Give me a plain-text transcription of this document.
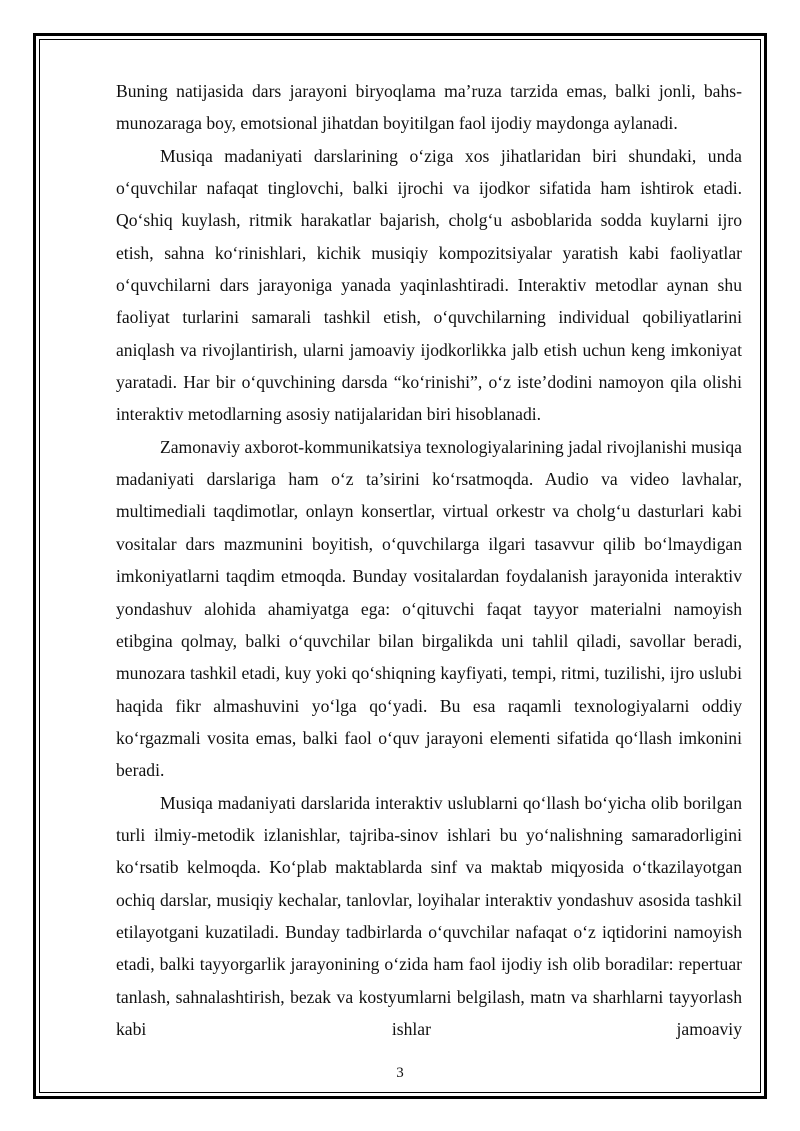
Buning natijasida dars jarayoni biryoqlama ma’ruza tarzida emas, balki jonli, bahs-munozaraga boy, emotsional jihatdan boyitilgan faol ijodiy maydonga aylanadi.

Musiqa madaniyati darslarining o‘ziga xos jihatlaridan biri shundaki, unda o‘quvchilar nafaqat tinglovchi, balki ijrochi va ijodkor sifatida ham ishtirok etadi. Qo‘shiq kuylash, ritmik harakatlar bajarish, cholg‘u asboblarida sodda kuylarni ijro etish, sahna ko‘rinishlari, kichik musiqiy kompozitsiyalar yaratish kabi faoliyatlar o‘quvchilarni dars jarayoniga yanada yaqinlashtiradi. Interaktiv metodlar aynan shu faoliyat turlarini samarali tashkil etish, o‘quvchilarning individual qobiliyatlarini aniqlash va rivojlantirish, ularni jamoaviy ijodkorlikka jalb etish uchun keng imkoniyat yaratadi. Har bir o‘quvchining darsda “ko‘rinishi”, o‘z iste’dodini namoyon qila olishi interaktiv metodlarning asosiy natijalaridan biri hisoblanadi.

Zamonaviy axborot-kommunikatsiya texnologiyalarining jadal rivojlanishi musiqa madaniyati darslariga ham o‘z ta’sirini ko‘rsatmoqda. Audio va video lavhalar, multimediali taqdimotlar, onlayn konsertlar, virtual orkestr va cholg‘u dasturlari kabi vositalar dars mazmunini boyitish, o‘quvchilarga ilgari tasavvur qilib bo‘lmaydigan imkoniyatlarni taqdim etmoqda. Bunday vositalardan foydalanish jarayonida interaktiv yondashuv alohida ahamiyatga ega: o‘qituvchi faqat tayyor materialni namoyish etibgina qolmay, balki o‘quvchilar bilan birgalikda uni tahlil qiladi, savollar beradi, munozara tashkil etadi, kuy yoki qo‘shiqning kayfiyati, tempi, ritmi, tuzilishi, ijro uslubi haqida fikr almashuvini yo‘lga qo‘yadi. Bu esa raqamli texnologiyalarni oddiy ko‘rgazmali vosita emas, balki faol o‘quv jarayoni elementi sifatida qo‘llash imkonini beradi.

Musiqa madaniyati darslarida interaktiv uslublarni qo‘llash bo‘yicha olib borilgan turli ilmiy-metodik izlanishlar, tajriba-sinov ishlari bu yo‘nalishning samaradorligini ko‘rsatib kelmoqda. Ko‘plab maktablarda sinf va maktab miqyosida o‘tkazilayotgan ochiq darslar, musiqiy kechalar, tanlovlar, loyihalar interaktiv yondashuv asosida tashkil etilayotgani kuzatiladi. Bunday tadbirlarda o‘quvchilar nafaqat o‘z iqtidorini namoyish etadi, balki tayyorgarlik jarayonining o‘zida ham faol ijodiy ish olib boradilar: repertuar tanlash, sahnalashtirish, bezak va kostyumlarni belgilash, matn va sharhlarni tayyorlash kabi ishlar jamoaviy

3
